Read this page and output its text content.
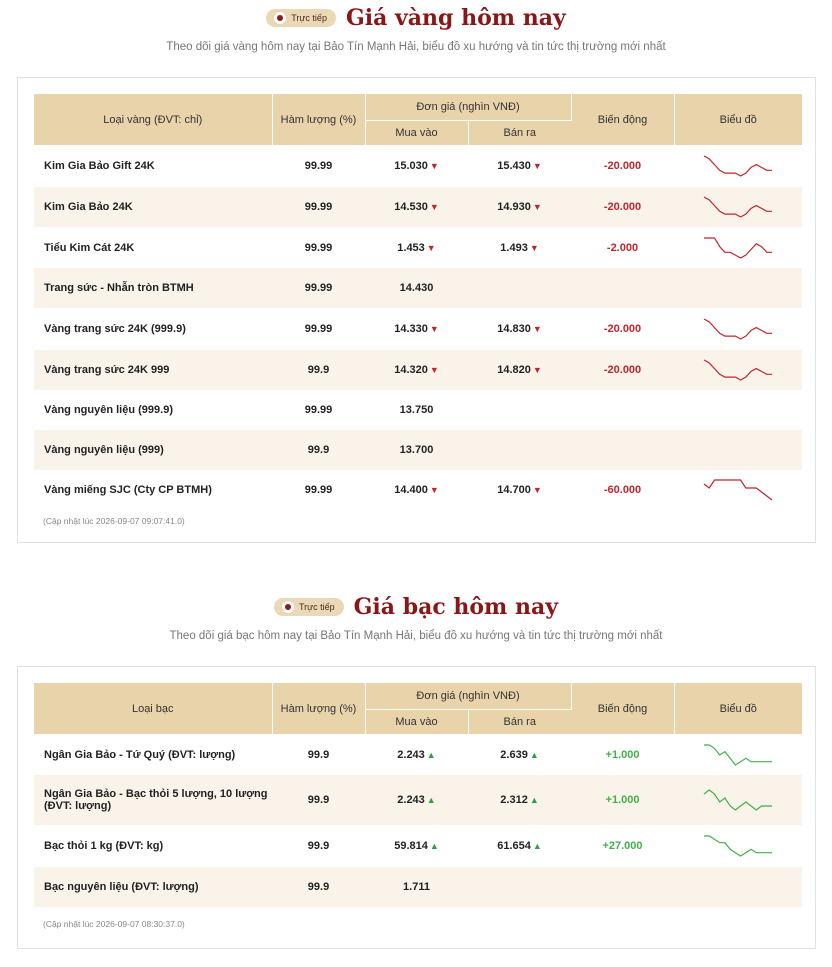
Trực tiếp Giá vàng hôm nay
Theo dõi giá vàng hôm nay tại Bảo Tín Mạnh Hải, biểu đồ xu hướng và tin tức thị trường mới nhất
Loại vàng (ĐVT: chỉ)	Hàm lượng (%)	Đơn giá (nghìn VNĐ)		Biến động	Biểu đồ
		Mua vào	Bán ra		
Kim Gia Bảo Gift 24K	99.99	15.030 ▼	15.430 ▼	-20.000	

Kim Gia Bảo 24K	99.99	14.530 ▼	14.930 ▼	-20.000	

Tiểu Kim Cát 24K	99.99	1.453 ▼	1.493 ▼	-2.000	

Trang sức - Nhẫn tròn BTMH	99.99	14.430			
Vàng trang sức 24K (999.9)	99.99	14.330 ▼	14.830 ▼	-20.000	

Vàng trang sức 24K 999	99.9	14.320 ▼	14.820 ▼	-20.000	

Vàng nguyên liệu (999.9)	99.99	13.750			
Vàng nguyên liệu (999)	99.9	13.700			
Vàng miếng SJC (Cty CP BTMH)	99.99	14.400 ▼	14.700 ▼	-60.000	
(Cập nhật lúc 2026-09-07 09:07:41.0)
Trực tiếp Giá bạc hôm nay
Theo dõi giá bạc hôm nay tại Bảo Tín Mạnh Hải, biểu đồ xu hướng và tin tức thị trường mới nhất
Loại bạc	Hàm lượng (%)	Đơn giá (nghìn VNĐ)		Biến động	Biểu đồ
		Mua vào	Bán ra		
Ngân Gia Bảo - Tứ Quý (ĐVT: lượng)	99.9	2.243 ▲	2.639 ▲	+1.000	

Ngân Gia Bảo - Bạc thỏi 5 lượng, 10 lượng (ĐVT: lượng)	99.9	2.243 ▲	2.312 ▲	+1.000	

Bạc thỏi 1 kg (ĐVT: kg)	99.9	59.814 ▲	61.654 ▲	+27.000	

Bạc nguyên liệu (ĐVT: lượng)	99.9	1.711			
(Cập nhật lúc 2026-09-07 08:30:37.0)
